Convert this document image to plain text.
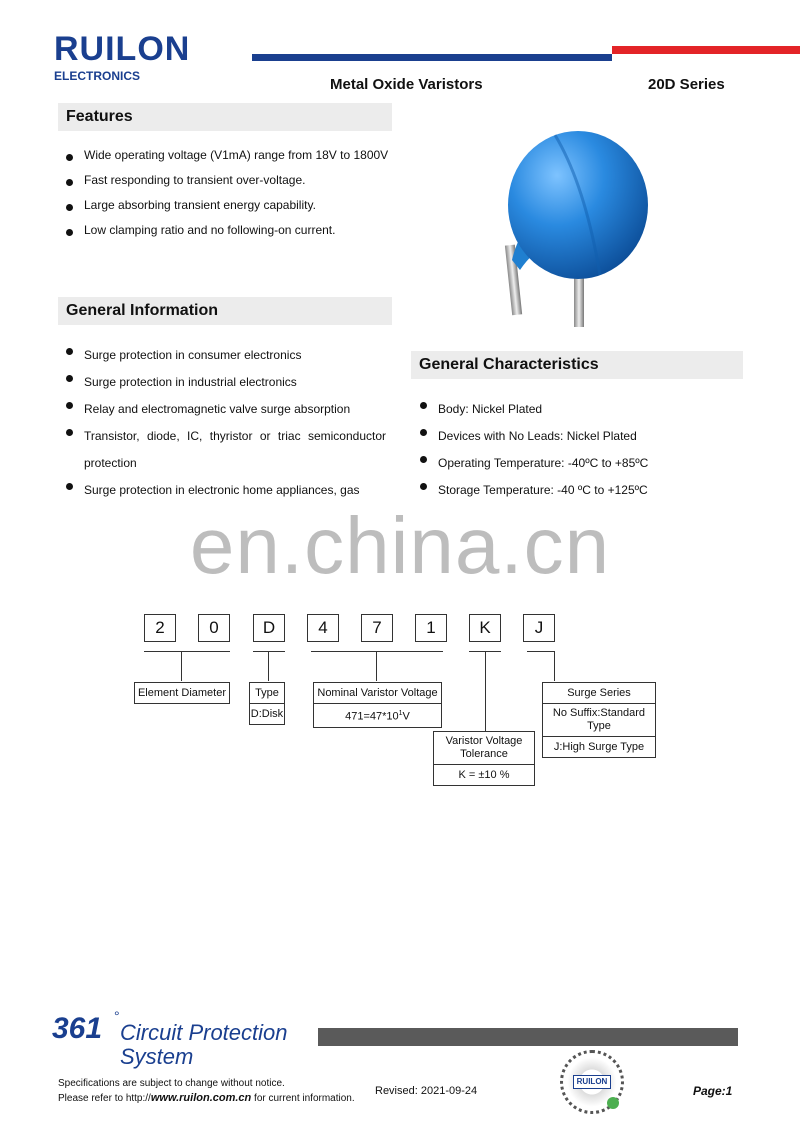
RUILON
ELECTRONICS	Metal Oxide Varistors	20D Series
Features
Wide operating voltage (V1mA) range from 18V to 1800V
Fast responding to transient over-voltage.
Large absorbing transient energy capability.
Low clamping ratio and no following-on current.
General Information
Surge protection in consumer electronics
Surge protection in industrial electronics
Relay and electromagnetic valve surge absorption
Transistor, diode, IC, thyristor or triac semiconductor protection
Surge protection in electronic home appliances, gas
General Characteristics
Body: Nickel Plated
Devices with No Leads: Nickel Plated
Operating Temperature: -40ºC to +85ºC
Storage Temperature: -40 ºC to +125ºC
en.china.cn
2	0	D	4	7	1	K	J
Element Diameter	Type
D:Disk
Nominal Varistor Voltage
$471=47*10^1V$
Varistor Voltage Tolerance
K = ±10 %
Surge Series
No Suffix:Standard Type
J:High Surge Type
361 °
Circuit Protection
System
Specifications are subject to change without notice.
Please refer to http://www.ruilon.com.cn for current information.
Revised: 2021-09-24
RUILON
Page:1
